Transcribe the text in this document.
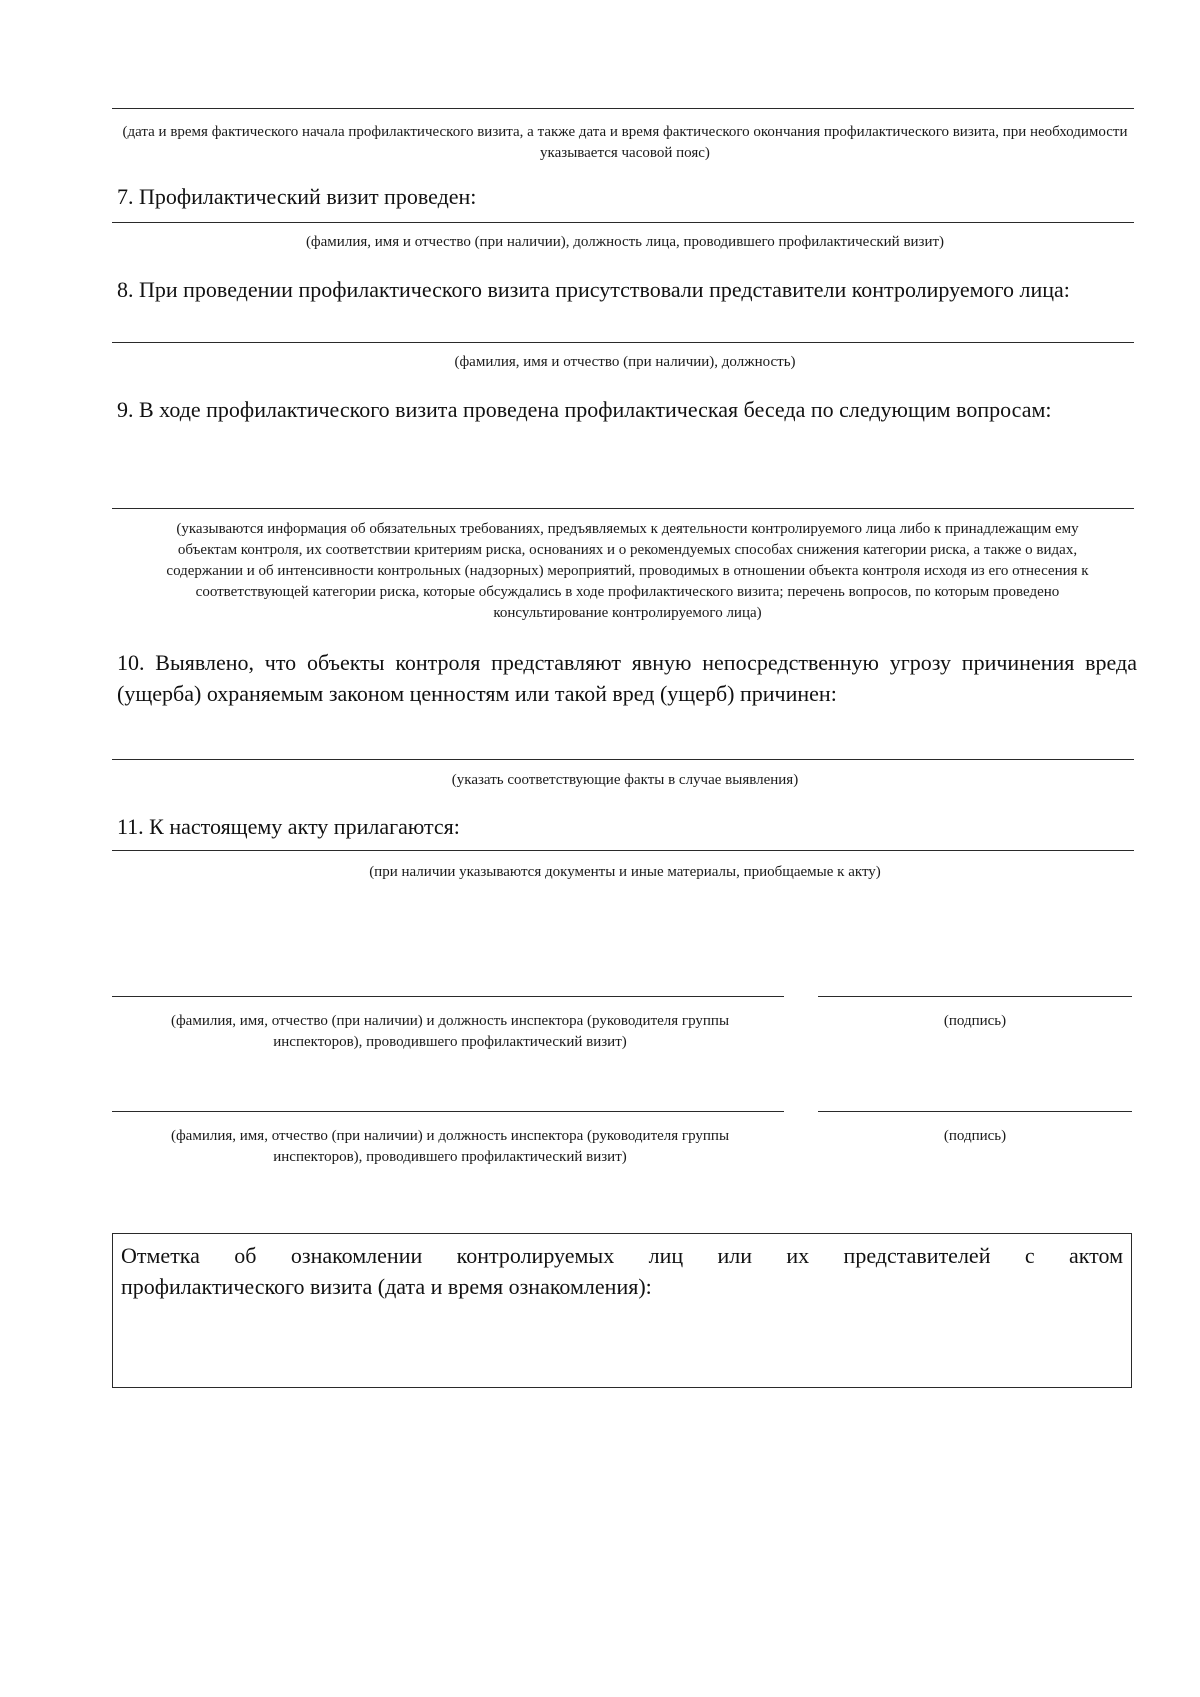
(дата и время фактического начала профилактического визита, а также дата и время фактического окончания профилактического визита, при необходимости указывается часовой пояс)
7. Профилактический визит проведен:
(фамилия, имя и отчество (при наличии), должность лица, проводившего профилактический визит)
8. При проведении профилактического визита присутствовали представители контролируемого лица:
(фамилия, имя и отчество (при наличии), должность)
9. В ходе профилактического визита проведена профилактическая беседа по следующим вопросам:
(указываются информация об обязательных требованиях, предъявляемых к деятельности контролируемого лица либо к принадлежащим ему объектам контроля, их соответствии критериям риска, основаниях и о рекомендуемых способах снижения категории риска, а также о видах, содержании и об интенсивности контрольных (надзорных) мероприятий, проводимых в отношении объекта контроля исходя из его отнесения к соответствующей категории риска, которые обсуждались в ходе профилактического визита; перечень вопросов, по которым проведено консультирование контролируемого лица)
10. Выявлено, что объекты контроля представляют явную непосредственную угрозу причинения вреда (ущерба) охраняемым законом ценностям или такой вред (ущерб) причинен:
(указать соответствующие факты в случае выявления)
11. К настоящему акту прилагаются:
(при наличии указываются документы и иные материалы, приобщаемые к акту)
(фамилия, имя, отчество (при наличии) и должность инспектора (руководителя группы инспекторов), проводившего профилактический визит)
(подпись)
(фамилия, имя, отчество (при наличии) и должность инспектора (руководителя группы инспекторов), проводившего профилактический визит)
(подпись)
Отметка об ознакомлении контролируемых лиц или их представителей с актом
профилактического визита (дата и время ознакомления):
